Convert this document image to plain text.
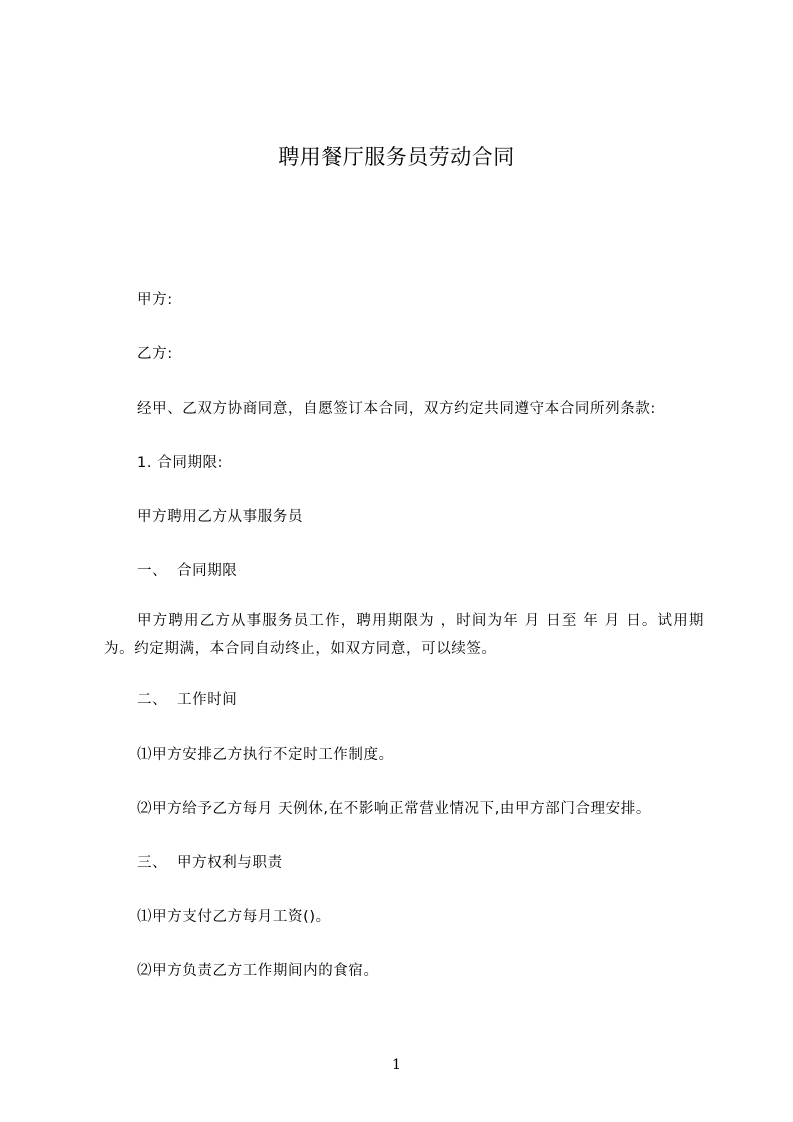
聘用餐厅服务员劳动合同
甲方:
乙方:
经甲、乙双方协商同意，自愿签订本合同，双方约定共同遵守本合同所列条款:
1. 合同期限:
甲方聘用乙方从事服务员
一、 合同期限
甲方聘用乙方从事服务员工作，聘用期限为 ，时间为年 月 日至 年 月 日。试用期为。约定期满，本合同自动终止，如双方同意，可以续签。
二、 工作时间
⑴甲方安排乙方执行不定时工作制度。
⑵甲方给予乙方每月 天例休,在不影响正常营业情况下,由甲方部门合理安排。
三、 甲方权利与职责
⑴甲方支付乙方每月工资()。
⑵甲方负责乙方工作期间内的食宿。
1
